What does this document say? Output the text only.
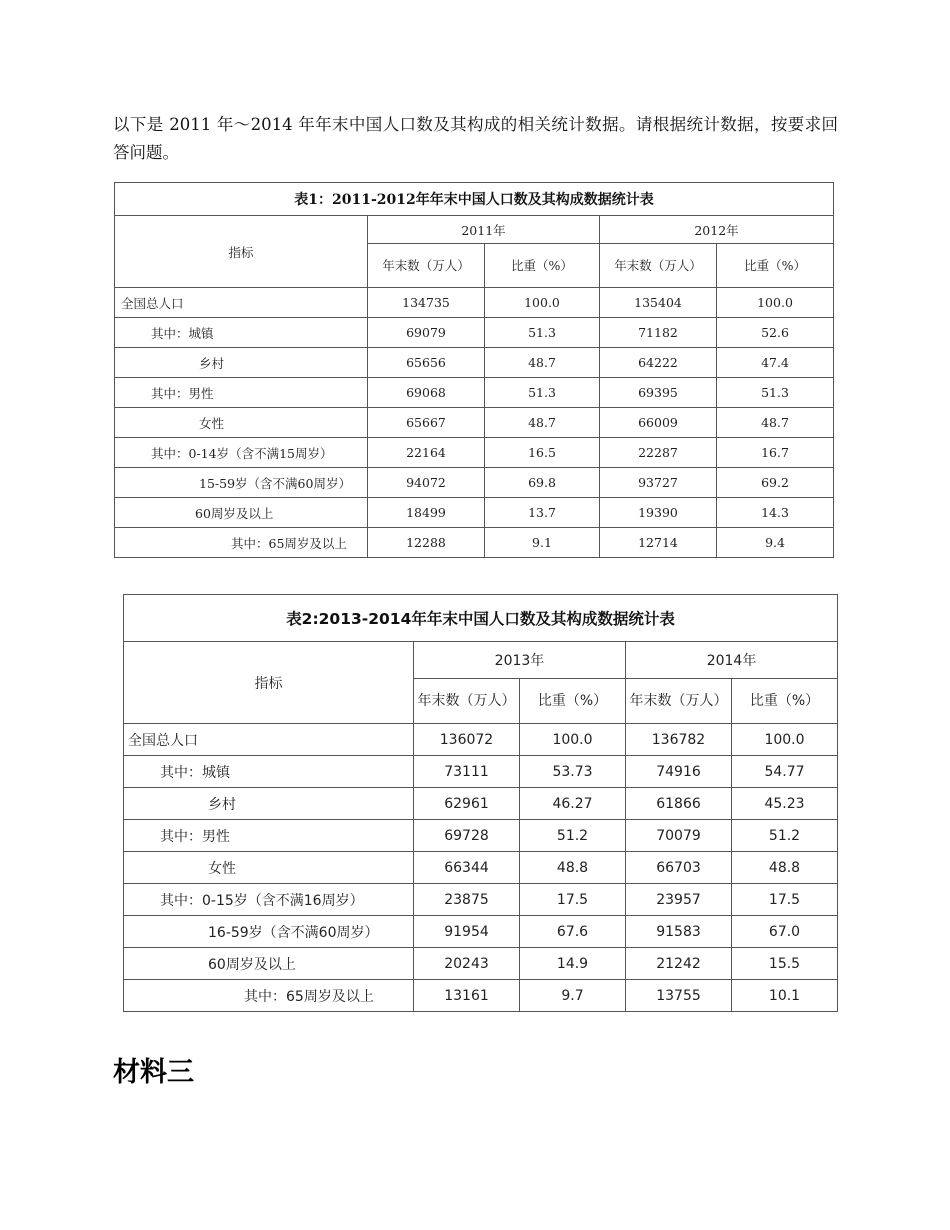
以下是 2011 年～2014 年年末中国人口数及其构成的相关统计数据。请根据统计数据，按要求回答问题。

表1：2011-2012年年末中国人口数及其构成数据统计表				
指标	2011年		2012年	
	年末数（万人）	比重（%）	年末数（万人）	比重（%）
全国总人口	134735	100.0	135404	100.0
其中：城镇	69079	51.3	71182	52.6
乡村	65656	48.7	64222	47.4
其中：男性	69068	51.3	69395	51.3
女性	65667	48.7	66009	48.7
其中：0-14岁（含不满15周岁）	22164	16.5	22287	16.7
15-59岁（含不满60周岁）	94072	69.8	93727	69.2
60周岁及以上	18499	13.7	19390	14.3
其中：65周岁及以上	12288	9.1	12714	9.4
表2:2013-2014年年末中国人口数及其构成数据统计表				
指标	2013年		2014年	
	年末数（万人）	比重（%）	年末数（万人）	比重（%）
全国总人口	136072	100.0	136782	100.0
其中：城镇	73111	53.73	74916	54.77
乡村	62961	46.27	61866	45.23
其中：男性	69728	51.2	70079	51.2
女性	66344	48.8	66703	48.8
其中：0-15岁（含不满16周岁）	23875	17.5	23957	17.5
16-59岁（含不满60周岁）	91954	67.6	91583	67.0
60周岁及以上	20243	14.9	21242	15.5
其中：65周岁及以上	13161	9.7	13755	10.1
材料三
